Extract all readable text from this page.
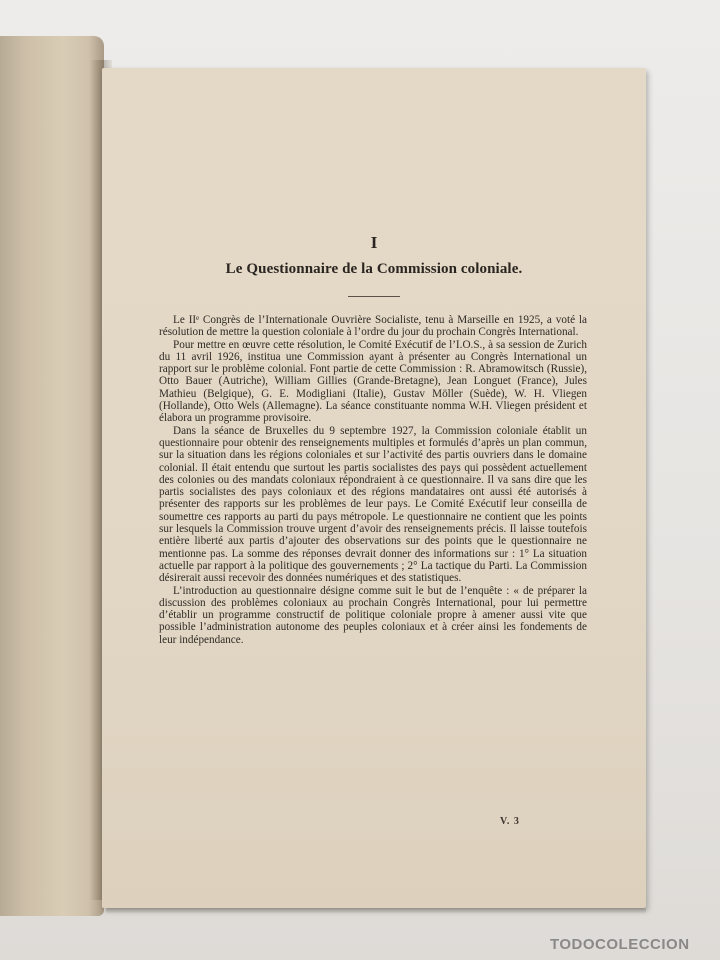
I
Le Questionnaire de la Commission coloniale.

Le IIᵉ Congrès de l’Internationale Ouvrière Socialiste, tenu à Marseille en 1925, a voté la résolution de mettre la question coloniale à l’ordre du jour du prochain Congrès International.

Pour mettre en œuvre cette résolution, le Comité Exécutif de l’I.O.S., à sa session de Zurich du 11 avril 1926, institua une Commission ayant à présenter au Congrès International un rapport sur le problème colonial. Font partie de cette Commission : R. Abramowitsch (Russie), Otto Bauer (Autriche), William Gillies (Grande-Bretagne), Jean Longuet (France), Jules Mathieu (Belgique), G. E. Modigliani (Italie), Gustav Möller (Suède), W. H. Vliegen (Hollande), Otto Wels (Allemagne). La séance constituante nomma W.H. Vliegen président et élabora un programme provisoire.

Dans la séance de Bruxelles du 9 septembre 1927, la Commission coloniale établit un questionnaire pour obtenir des renseignements multiples et formulés d’après un plan commun, sur la situation dans les régions coloniales et sur l’activité des partis ouvriers dans le domaine colonial. Il était entendu que surtout les partis socialistes des pays qui possèdent actuellement des colonies ou des mandats coloniaux répondraient à ce questionnaire. Il va sans dire que les partis socialistes des pays coloniaux et des régions mandataires ont aussi été autorisés à présenter des rapports sur les problèmes de leur pays. Le Comité Exécutif leur conseilla de soumettre ces rapports au parti du pays métropole. Le questionnaire ne contient que les points sur lesquels la Commission trouve urgent d’avoir des renseignements précis. Il laisse toutefois entière liberté aux partis d’ajouter des observations sur des points que le questionnaire ne mentionne pas. La somme des réponses devrait donner des informations sur : 1° La situation actuelle par rapport à la politique des gouvernements ; 2° La tactique du Parti. La Commission désirerait aussi recevoir des données numériques et des statistiques.

L’introduction au questionnaire désigne comme suit le but de l’enquête : « de préparer la discussion des problèmes coloniaux au prochain Congrès International, pour lui permettre d’établir un programme constructif de politique coloniale propre à amener aussi vite que possible l’administration autonome des peuples coloniaux et à créer ainsi les fondements de leur indépendance.

V. 3
TODOCOLECCION
